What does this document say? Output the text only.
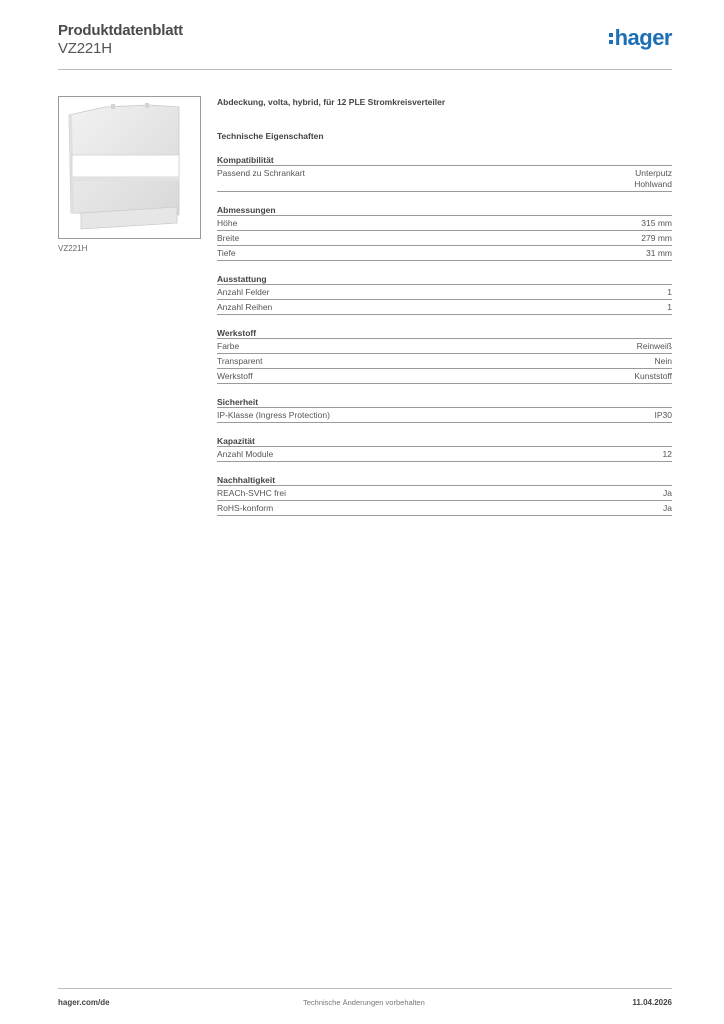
Produktdatenblatt
VZ221H	hager
VZ221H
Abdeckung, volta, hybrid, für 12 PLE Stromkreisverteiler
Technische Eigenschaften
Kompatibilität
Passend zu Schrankart	Unterputz
Hohlwand
Abmessungen
Höhe	315 mm
Breite	279 mm
Tiefe	31 mm
Ausstattung
Anzahl Felder	1
Anzahl Reihen	1
Werkstoff
Farbe	Reinweiß
Transparent	Nein
Werkstoff	Kunststoff
Sicherheit
IP-Klasse (Ingress Protection)	IP30
Kapazität
Anzahl Module	12
Nachhaltigkeit
REACh-SVHC frei	Ja
RoHS-konform	Ja
hager.com/de	Technische Änderungen vorbehalten	11.04.2026
